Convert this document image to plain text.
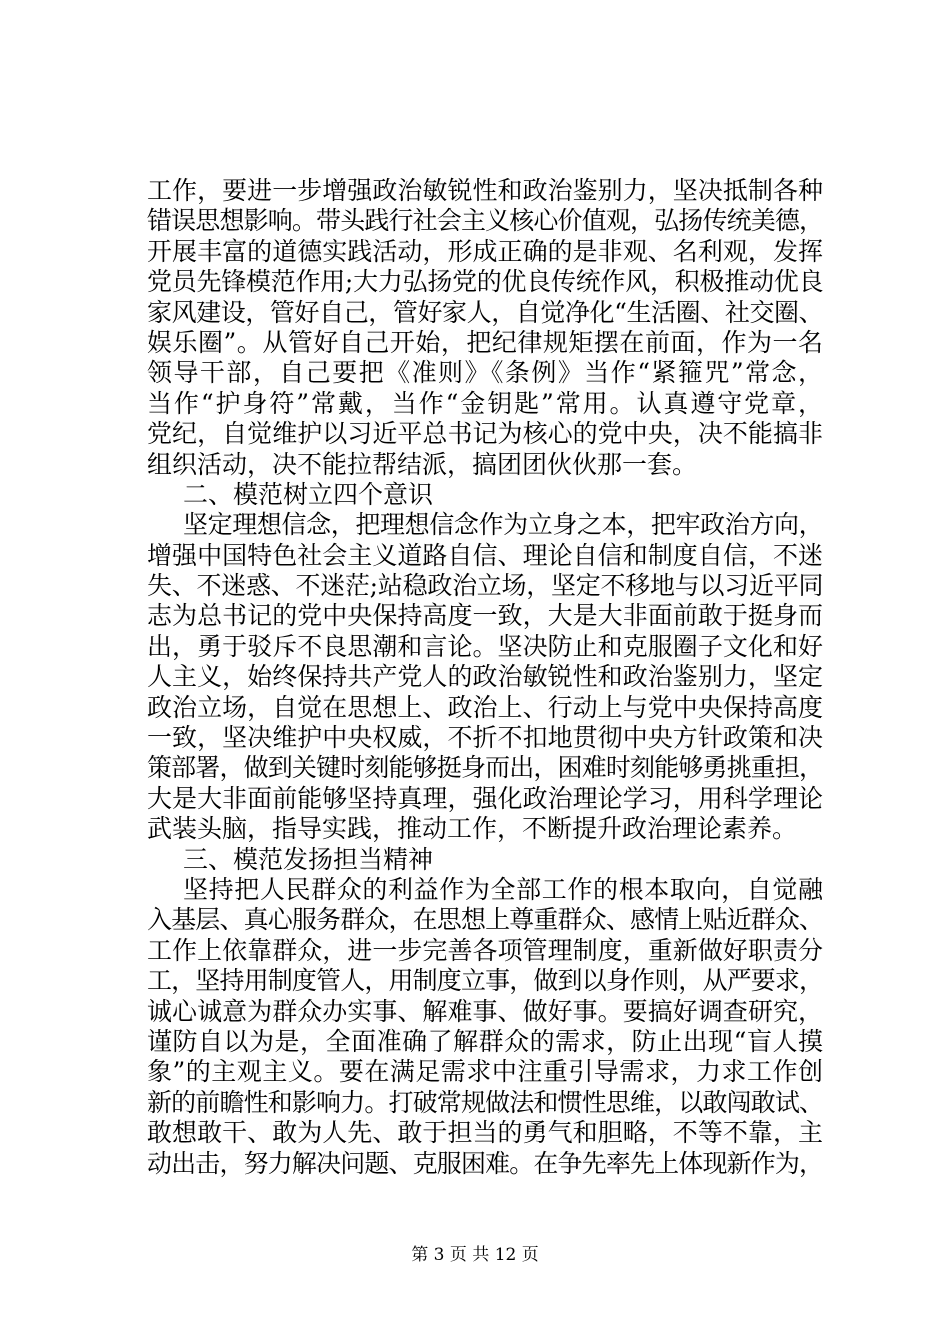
工作，要进一步增强政治敏锐性和政治鉴别力，坚决抵制各种
错误思想影响。带头践行社会主义核心价值观，弘扬传统美德，
开展丰富的道德实践活动，形成正确的是非观、名利观，发挥
党员先锋模范作用;大力弘扬党的优良传统作风，积极推动优良
家风建设，管好自己，管好家人，自觉净化“生活圈、社交圈、
娱乐圈”。从管好自己开始，把纪律规矩摆在前面，作为一名
领导干部，自己要把《准则》《条例》当作“紧箍咒”常念，
当作“护身符”常戴，当作“金钥匙”常用。认真遵守党章，
党纪，自觉维护以习近平总书记为核心的党中央，决不能搞非
组织活动，决不能拉帮结派，搞团团伙伙那一套。
二、模范树立四个意识
坚定理想信念，把理想信念作为立身之本，把牢政治方向，
增强中国特色社会主义道路自信、理论自信和制度自信，不迷
失、不迷惑、不迷茫;站稳政治立场，坚定不移地与以习近平同
志为总书记的党中央保持高度一致，大是大非面前敢于挺身而
出，勇于驳斥不良思潮和言论。坚决防止和克服圈子文化和好
人主义，始终保持共产党人的政治敏锐性和政治鉴别力，坚定
政治立场，自觉在思想上、政治上、行动上与党中央保持高度
一致，坚决维护中央权威，不折不扣地贯彻中央方针政策和决
策部署，做到关键时刻能够挺身而出，困难时刻能够勇挑重担，
大是大非面前能够坚持真理，强化政治理论学习，用科学理论
武装头脑，指导实践，推动工作，不断提升政治理论素养。
三、模范发扬担当精神
坚持把人民群众的利益作为全部工作的根本取向，自觉融
入基层、真心服务群众，在思想上尊重群众、感情上贴近群众、
工作上依靠群众，进一步完善各项管理制度，重新做好职责分
工，坚持用制度管人，用制度立事，做到以身作则，从严要求，
诚心诚意为群众办实事、解难事、做好事。要搞好调查研究，
谨防自以为是，全面准确了解群众的需求，防止出现“盲人摸
象”的主观主义。要在满足需求中注重引导需求，力求工作创
新的前瞻性和影响力。打破常规做法和惯性思维，以敢闯敢试、
敢想敢干、敢为人先、敢于担当的勇气和胆略，不等不靠，主
动出击，努力解决问题、克服困难。在争先率先上体现新作为，
第 3 页 共 12 页
